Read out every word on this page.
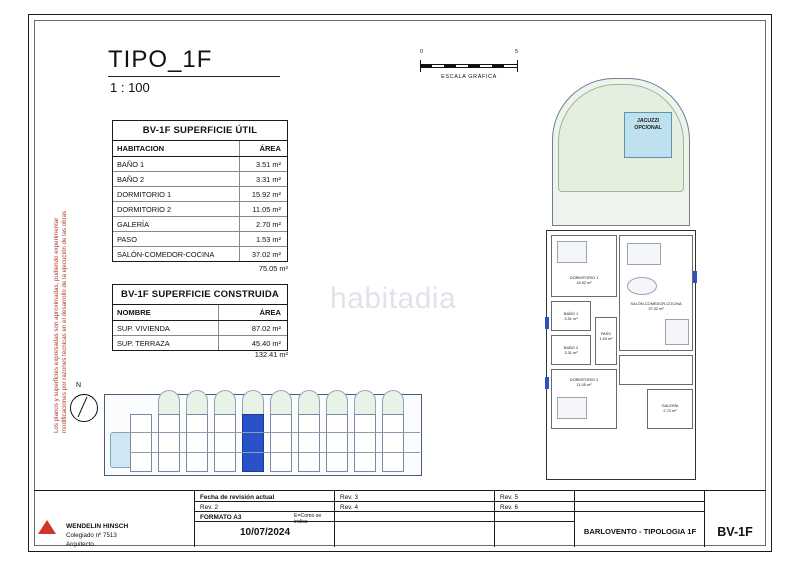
TIPO_1F
1 : 100
0	5
ESCALA GRÁFICA
BV-1F SUPERFICIE ÚTIL
HABITACION	ÁREA
BAÑO 1	3.51 m²
BAÑO 2	3.31 m²
DORMITORIO 1	15.92 m²
DORMITORIO 2	11.05 m²
GALERÍA	2.70 m²
PASO	1.53 m²
SALÓN-COMEDOR-COCINA	37.02 m²
75.05 m²
BV-1F SUPERFICIE CONSTRUIDA
NOMBRE	ÁREA
SUP. VIVIENDA	87.02 m²
SUP. TERRAZA	45.40 m²
132.41 m²
habitadia
Los planos y superficies expresadas son aproximadas, pudiendo experimentar modificaciones por razones técnicas en el desarrollo de la ejecución de las obras N
JACUZZI
OPCIONAL
DORMITORIO 1
15.92 m²
SALÓN-COMEDOR-COCINA
37.02 m²
BAÑO 1
3.51 m²
BAÑO 2
3.31 m²
PASO
1.53 m²
DORMITORIO 2
11.05 m²
GALERÍA
2.70 m²
Fecha de revisión actual
Rev. 2
Rev. 3
Rev. 4
Rev. 5
Rev. 6
FORMATO A3	E=Como se indica
10/07/2024	BARLOVENTO - TIPOLOGIA 1F	BV-1F
WENDELIN HINSCH
Colegiado nº 7513
Arquitecto
